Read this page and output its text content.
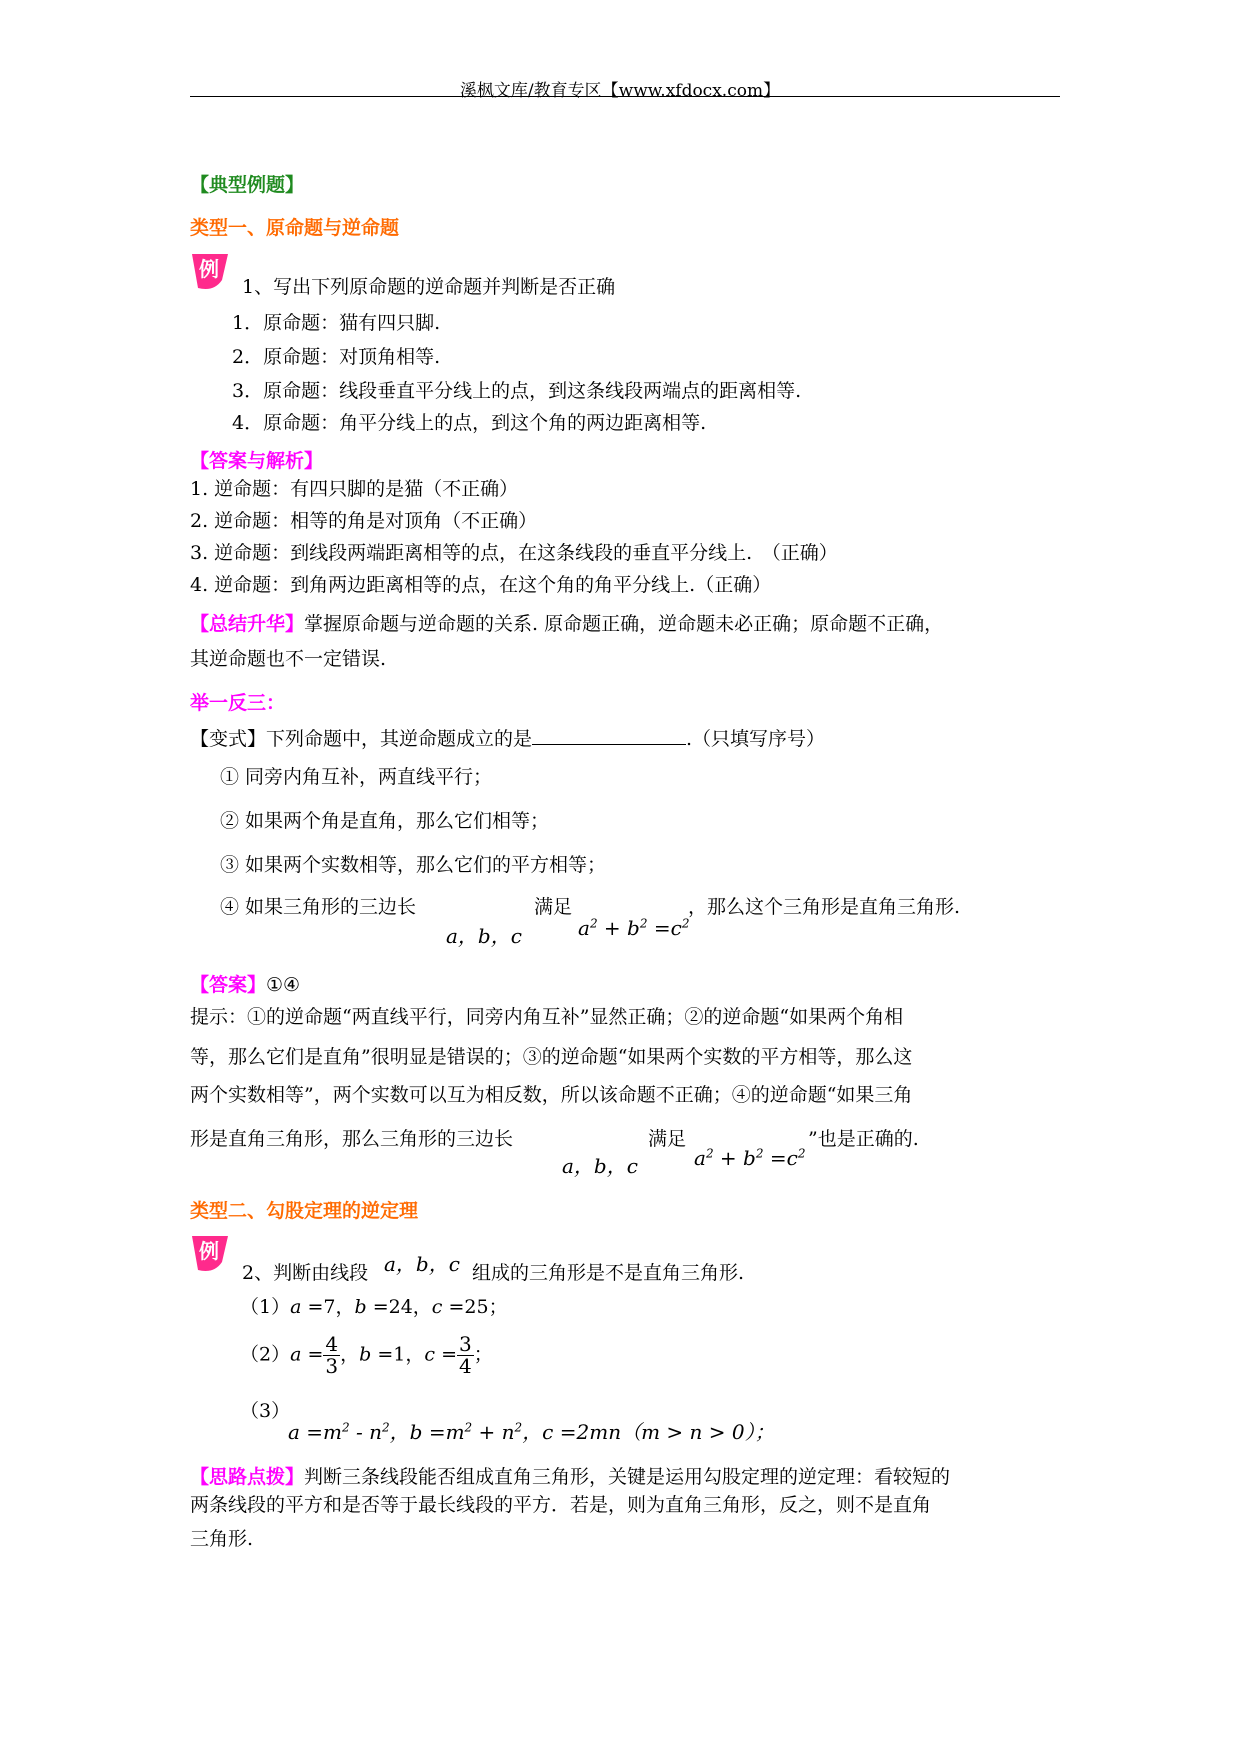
溪枫文库/教育专区【www.xfdocx.com】
【典型例题】
类型一、原命题与逆命题
例
1、写出下列原命题的逆命题并判断是否正确
1．原命题：猫有四只脚.
2．原命题：对顶角相等.
3．原命题：线段垂直平分线上的点，到这条线段两端点的距离相等.
4．原命题：角平分线上的点，到这个角的两边距离相等.
【答案与解析】
1. 逆命题：有四只脚的是猫（不正确）
2. 逆命题：相等的角是对顶角（不正确）
3. 逆命题：到线段两端距离相等的点，在这条线段的垂直平分线上.　（正确）
4. 逆命题：到角两边距离相等的点，在这个角的角平分线上.（正确）
【总结升华】掌握原命题与逆命题的关系. 原命题正确，逆命题未必正确；原命题不正确，
其逆命题也不一定错误.
举一反三：
【变式】下列命题中，其逆命题成立的是	.（只填写序号）
① 同旁内角互补，两直线平行；
② 如果两个角是直角，那么它们相等；
③ 如果两个实数相等，那么它们的平方相等；
④ 如果三角形的三边长
a，b，c
满足
$a^2 + b^2 =c^2$
，那么这个三角形是直角三角形.
【答案】①④
提示：①的逆命题“两直线平行，同旁内角互补”显然正确；②的逆命题“如果两个角相
等，那么它们是直角”很明显是错误的；③的逆命题“如果两个实数的平方相等，那么这
两个实数相等”，两个实数可以互为相反数，所以该命题不正确；④的逆命题“如果三角
形是直角三角形，那么三角形的三边长
a，b，c
满足
$a^2 + b^2 =c^2$
”也是正确的.
类型二、勾股定理的逆定理
例
2、判断由线段 a，b，c 组成的三角形是不是直角三角形.
（1）a =7，b =24，c =25；
$(2)a = \frac{4}{3}$ ，b =1，$c = \frac{3}{4}$ ；
（3）
$a =m^2 - n^2$，$b =m^2 + n^2$，c =2mn（m > n > 0）；
【思路点拨】判断三条线段能否组成直角三角形，关键是运用勾股定理的逆定理：看较短的
两条线段的平方和是否等于最长线段的平方．若是，则为直角三角形，反之，则不是直角
三角形.
